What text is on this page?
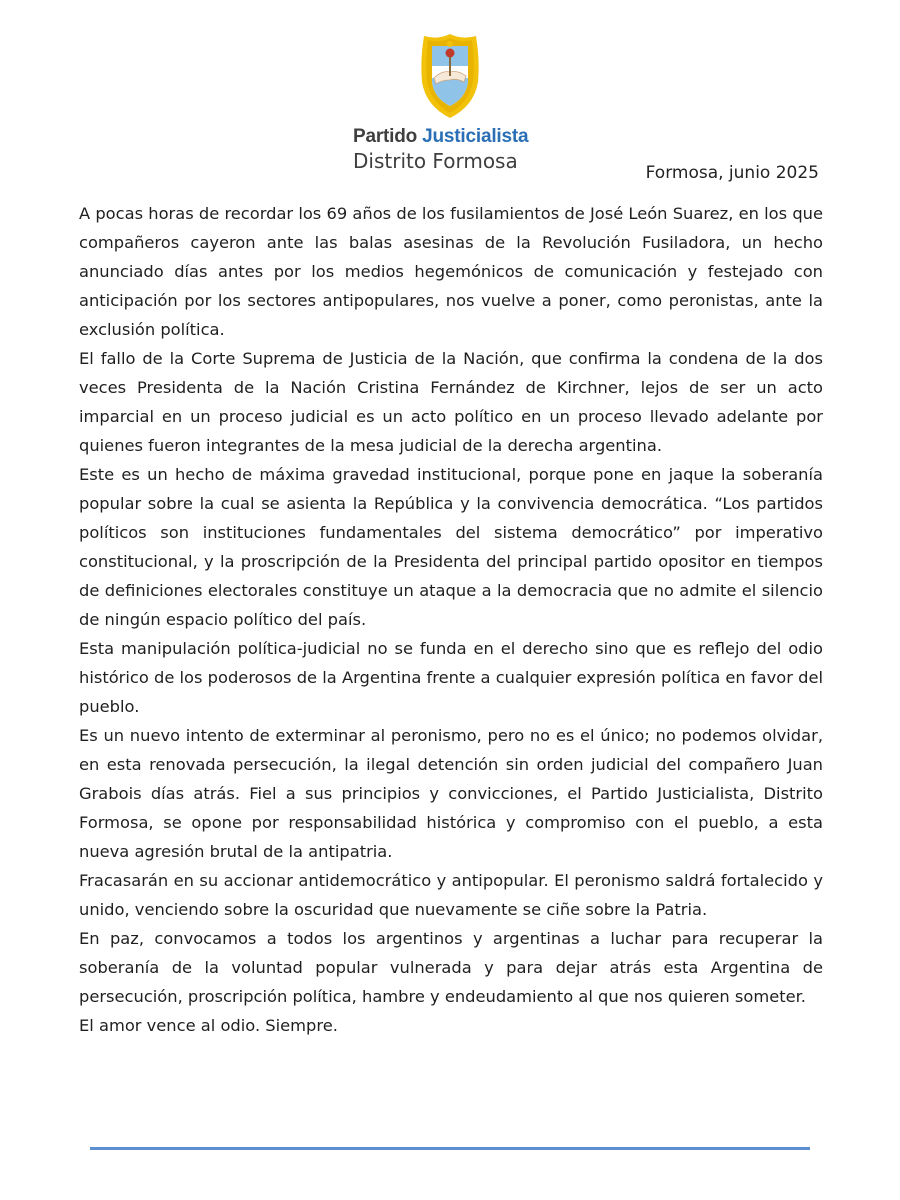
Partido Justicialista
Distrito Formosa	Formosa, junio 2025

A pocas horas de recordar los 69 años de los fusilamientos de José León Suarez, en los que compañeros cayeron ante las balas asesinas de la Revolución Fusiladora, un hecho anunciado días antes por los medios hegemónicos de comunicación y festejado con anticipación por los sectores antipopulares, nos vuelve a poner, como peronistas, ante la exclusión política.

El fallo de la Corte Suprema de Justicia de la Nación, que confirma la condena de la dos veces Presidenta de la Nación Cristina Fernández de Kirchner, lejos de ser un acto imparcial en un proceso judicial es un acto político en un proceso llevado adelante por quienes fueron integrantes de la mesa judicial de la derecha argentina.

Este es un hecho de máxima gravedad institucional, porque pone en jaque la soberanía popular sobre la cual se asienta la República y la convivencia democrática. “Los partidos políticos son instituciones fundamentales del sistema democrático” por imperativo constitucional, y la proscripción de la Presidenta del principal partido opositor en tiempos de definiciones electorales constituye un ataque a la democracia que no admite el silencio de ningún espacio político del país.

Esta manipulación política-judicial no se funda en el derecho sino que es reflejo del odio histórico de los poderosos de la Argentina frente a cualquier expresión política en favor del pueblo.

Es un nuevo intento de exterminar al peronismo, pero no es el único; no podemos olvidar, en esta renovada persecución, la ilegal detención sin orden judicial del compañero Juan Grabois días atrás. Fiel a sus principios y convicciones, el Partido Justicialista, Distrito Formosa, se opone por responsabilidad histórica y compromiso con el pueblo, a esta nueva agresión brutal de la antipatria.

Fracasarán en su accionar antidemocrático y antipopular. El peronismo saldrá fortalecido y unido, venciendo sobre la oscuridad que nuevamente se ciñe sobre la Patria.

En paz, convocamos a todos los argentinos y argentinas a luchar para recuperar la soberanía de la voluntad popular vulnerada y para dejar atrás esta Argentina de persecución, proscripción política, hambre y endeudamiento al que nos quieren someter.

El amor vence al odio. Siempre.
